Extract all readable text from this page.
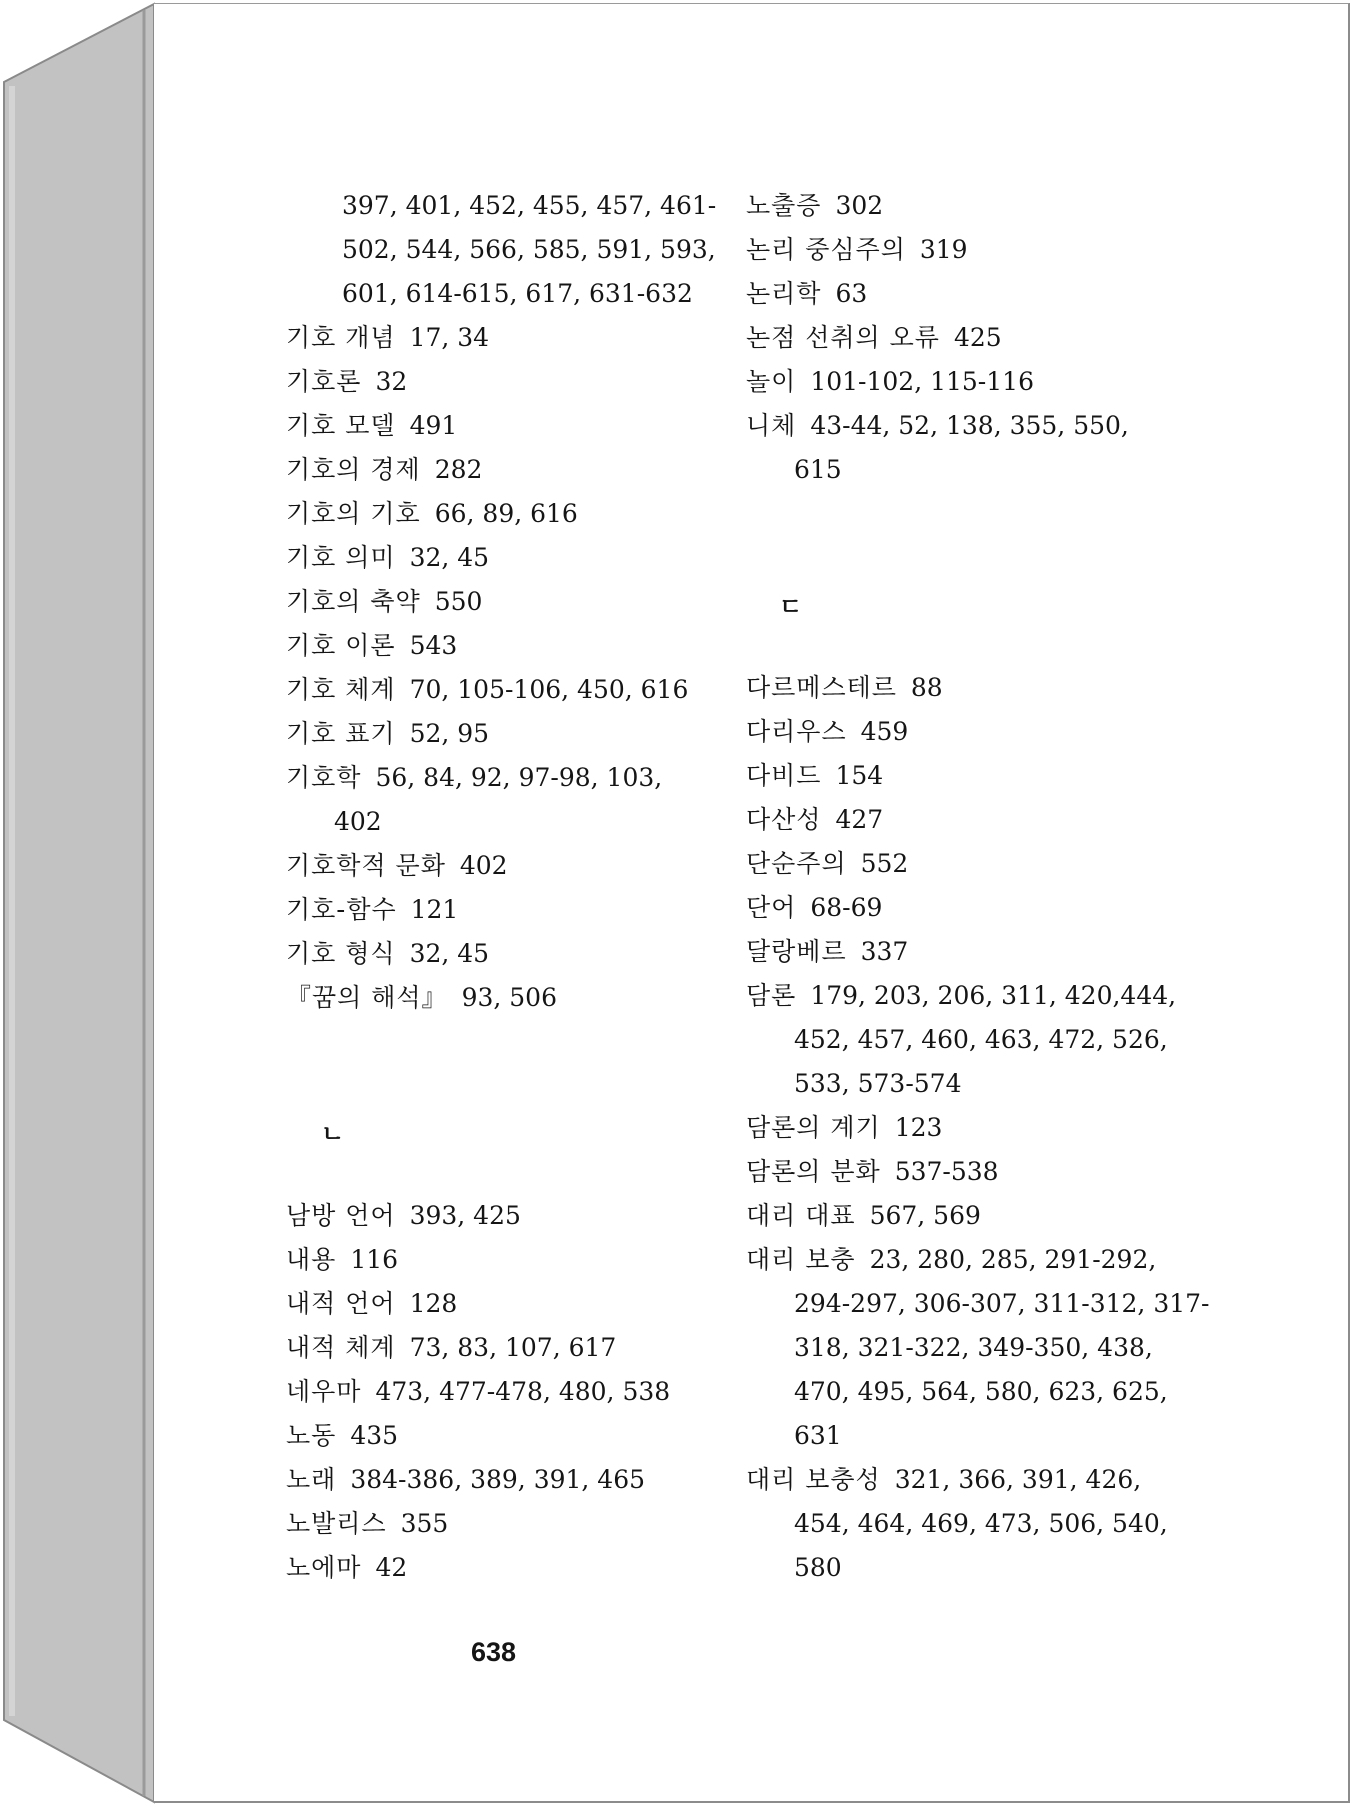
397, 401, 452, 455, 457, 461-
502, 544, 566, 585, 591, 593,
601, 614-615, 617, 631-632
기호 개념 17, 34
기호론 32
기호 모델 491
기호의 경제 282
기호의 기호 66, 89, 616
기호 의미 32, 45
기호의 축약 550
기호 이론 543
기호 체계 70, 105-106, 450, 616
기호 표기 52, 95
기호학 56, 84, 92, 97-98, 103,
402
기호학적 문화 402
기호-함수 121
기호 형식 32, 45
『꿈의 해석』 93, 506
ㄴ
남방 언어 393, 425
내용 116
내적 언어 128
내적 체계 73, 83, 107, 617
네우마 473, 477-478, 480, 538
노동 435
노래 384-386, 389, 391, 465
노발리스 355
노에마 42
노출증 302
논리 중심주의 319
논리학 63
논점 선취의 오류 425
놀이 101-102, 115-116
니체 43-44, 52, 138, 355, 550,
615
ㄷ
다르메스테르 88
다리우스 459
다비드 154
다산성 427
단순주의 552
단어 68-69
달랑베르 337
담론 179, 203, 206, 311, 420,444,
452, 457, 460, 463, 472, 526,
533, 573-574
담론의 계기 123
담론의 분화 537-538
대리 대표 567, 569
대리 보충 23, 280, 285, 291-292,
294-297, 306-307, 311-312, 317-
318, 321-322, 349-350, 438,
470, 495, 564, 580, 623, 625,
631
대리 보충성 321, 366, 391, 426,
454, 464, 469, 473, 506, 540,
580
638
